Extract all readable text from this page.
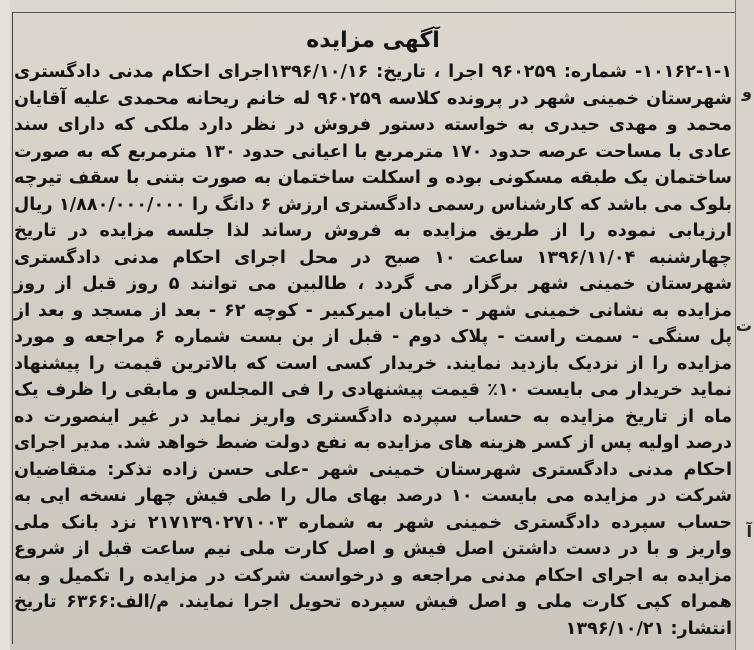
و
ت
آ
آگهی مزایده

۱۰۱۶۲-۱-۱- شماره: ۹۶۰۲۵۹ اجرا ، تاریخ: ۱۳۹۶/۱۰/۱۶اجرای احکام مدنی دادگستری شهرستان خمینی شهر در پرونده کلاسه ۹۶۰۲۵۹ له خانم ریحانه محمدی علیه آقایان محمد و مهدی حیدری به خواسته دستور فروش در نظر دارد ملکی که دارای سند عادی با مساحت عرصه حدود ۱۷۰ مترمربع با اعیانی حدود ۱۳۰ مترمربع که به صورت ساختمان یک طبقه مسکونی بوده و اسکلت ساختمان به صورت بتنی با سقف تیرچه بلوک می باشد که کارشناس رسمی دادگستری ارزش ۶ دانگ را ۱/۸۸۰/۰۰۰/۰۰۰ ریال ارزیابی نموده را از طریق مزایده به فروش رساند لذا جلسه مزایده در تاریخ چهارشنبه ۱۳۹۶/۱۱/۰۴ ساعت ۱۰ صبح در محل اجرای احکام مدنی دادگستری شهرستان خمینی شهر برگزار می گردد ، طالبین می توانند ۵ روز قبل از روز مزایده به نشانی خمینی شهر - خیابان امیرکبیر - کوچه ۶۲ - بعد از مسجد و بعد از پل سنگی - سمت راست - پلاک دوم - قبل از بن بست شماره ۶ مراجعه و مورد مزایده را از نزدیک بازدید نمایند. خریدار کسی است که بالاترین قیمت را پیشنهاد نماید خریدار می بایست ۱۰٪ قیمت پیشنهادی را فی المجلس و مابقی را ظرف یک ماه از تاریخ مزایده به حساب سپرده دادگستری واریز نماید در غیر اینصورت ده درصد اولیه پس از کسر هزینه های مزایده به نفع دولت ضبط خواهد شد. مدیر اجرای احکام مدنی دادگستری شهرستان خمینی شهر -علی حسن زاده تذکر: متقاضیان شرکت در مزایده می بایست ۱۰ درصد بهای مال را طی فیش چهار نسخه ایی به حساب سپرده دادگستری خمینی شهر به شماره ۲۱۷۱۳۹۰۲۷۱۰۰۳ نزد بانک ملی واریز و با در دست داشتن اصل فیش و اصل کارت ملی نیم ساعت قبل از شروع مزایده به اجرای احکام مدنی مراجعه و درخواست شرکت در مزایده را تکمیل و به همراه کپی کارت ملی و اصل فیش سپرده تحویل اجرا نمایند. م/الف:۶۳۶۶ تاریخ انتشار: ۱۳۹۶/۱۰/۲۱
